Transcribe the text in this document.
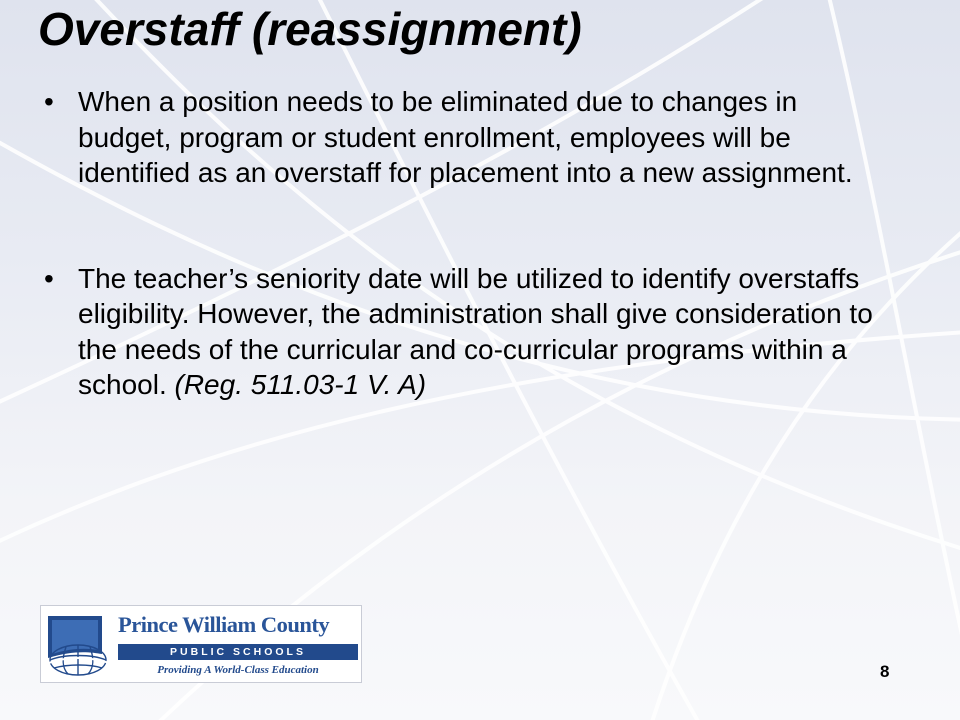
Overstaff (reassignment)
• When a position needs to be eliminated due to changes in budget, program or student enrollment, employees will be identified as an overstaff for placement into a new assignment.
• The teacher’s seniority date will be utilized to identify overstaffs eligibility. However, the administration shall give consideration to the needs of the curricular and co-curricular programs within a school. (Reg. 511.03-1 V. A)
Prince William County
PUBLIC SCHOOLS
Providing A World-Class Education	8
